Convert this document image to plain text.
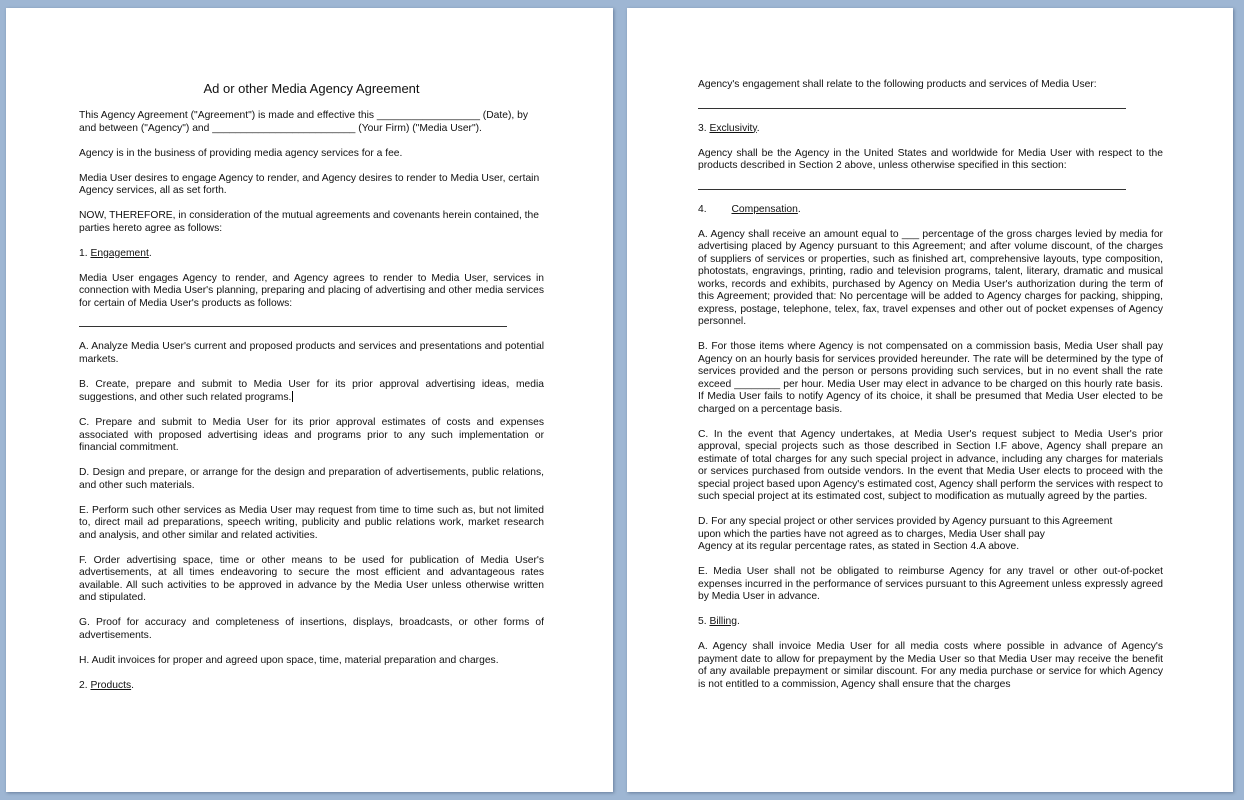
Ad or other Media Agency Agreement

This Agency Agreement ("Agreement") is made and effective this __________________ (Date), by and between ("Agency") and _________________________ (Your Firm) ("Media User").

Agency is in the business of providing media agency services for a fee.

Media User desires to engage Agency to render, and Agency desires to render to Media User, certain Agency services, all as set forth.

NOW, THEREFORE, in consideration of the mutual agreements and covenants herein contained, the parties hereto agree as follows:

1. Engagement.

Media User engages Agency to render, and Agency agrees to render to Media User, services in connection with Media User's planning, preparing and placing of advertising and other media services for certain of Media User's products as follows:

A. Analyze Media User's current and proposed products and services and presentations and potential markets.

B. Create, prepare and submit to Media User for its prior approval advertising ideas, media suggestions, and other such related programs.

C. Prepare and submit to Media User for its prior approval estimates of costs and expenses associated with proposed advertising ideas and programs prior to any such implementation or financial commitment.

D. Design and prepare, or arrange for the design and preparation of advertisements, public relations, and other such materials.

E. Perform such other services as Media User may request from time to time such as, but not limited to, direct mail ad preparations, speech writing, publicity and public relations work, market research and analysis, and other similar and related activities.

F. Order advertising space, time or other means to be used for publication of Media User's advertisements, at all times endeavoring to secure the most efficient and advantageous rates available. All such activities to be approved in advance by the Media User unless otherwise written and stipulated.

G. Proof for accuracy and completeness of insertions, displays, broadcasts, or other forms of advertisements.

H. Audit invoices for proper and agreed upon space, time, material preparation and charges.

2. Products.

Agency's engagement shall relate to the following products and services of Media User:

3. Exclusivity.

Agency shall be the Agency in the United States and worldwide for Media User with respect to the products described in Section 2 above, unless otherwise specified in this section:

4. Compensation.

A. Agency shall receive an amount equal to ___ percentage of the gross charges levied by media for advertising placed by Agency pursuant to this Agreement; and after volume discount, of the charges of suppliers of services or properties, such as finished art, comprehensive layouts, type composition, photostats, engravings, printing, radio and television programs, talent, literary, dramatic and musical works, records and exhibits, purchased by Agency on Media User's authorization during the term of this Agreement; provided that: No percentage will be added to Agency charges for packing, shipping, express, postage, telephone, telex, fax, travel expenses and other out of pocket expenses of Agency personnel.

B. For those items where Agency is not compensated on a commission basis, Media User shall pay Agency on an hourly basis for services provided hereunder. The rate will be determined by the type of services provided and the person or persons providing such services, but in no event shall the rate exceed ________ per hour. Media User may elect in advance to be charged on this hourly rate basis. If Media User fails to notify Agency of its choice, it shall be presumed that Media User elected to be charged on a percentage basis.

C. In the event that Agency undertakes, at Media User's request subject to Media User's prior approval, special projects such as those described in Section I.F above, Agency shall prepare an estimate of total charges for any such special project in advance, including any charges for materials or services purchased from outside vendors. In the event that Media User elects to proceed with the special project based upon Agency's estimated cost, Agency shall perform the services with respect to such special project at its estimated cost, subject to modification as mutually agreed by the parties.

D. For any special project or other services provided by Agency pursuant to this Agreement
upon which the parties have not agreed as to charges, Media User shall pay
Agency at its regular percentage rates, as stated in Section 4.A above.

E. Media User shall not be obligated to reimburse Agency for any travel or other out-of-pocket expenses incurred in the performance of services pursuant to this Agreement unless expressly agreed by Media User in advance.

5. Billing.

A. Agency shall invoice Media User for all media costs where possible in advance of Agency's payment date to allow for prepayment by the Media User so that Media User may receive the benefit of any available prepayment or similar discount. For any media purchase or service for which Agency is not entitled to a commission, Agency shall ensure that the charges
